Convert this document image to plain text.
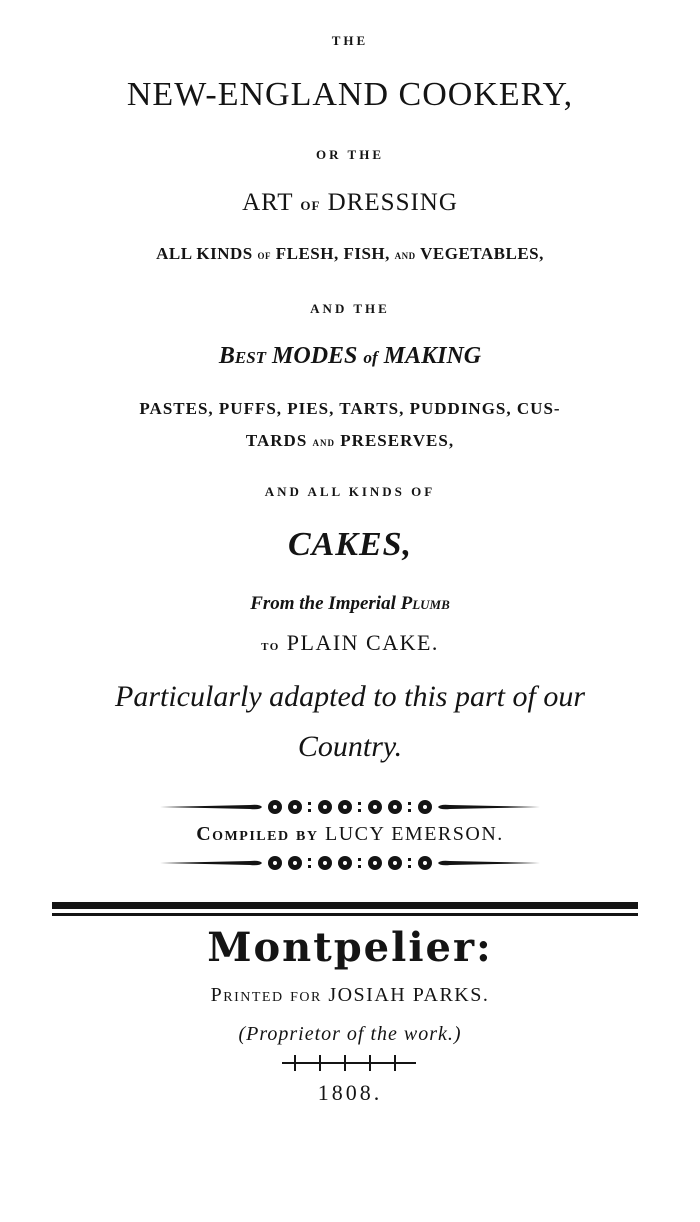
THE
NEW-ENGLAND COOKERY,
OR THE
ART of DRESSING
ALL KINDS of FLESH, FISH, and VEGETABLES,
AND THE
Best MODES of MAKING
PASTES, PUFFS, PIES, TARTS, PUDDINGS, CUS-
TARDS and PRESERVES,
AND ALL KINDS OF
CAKES,
From the Imperial Plumb
to PLAIN CAKE.
Particularly adapted to this part of our
Country.
Compiled by LUCY EMERSON.
Montpelier:
Printed for JOSIAH PARKS.
(Proprietor of the work.)
1808.
